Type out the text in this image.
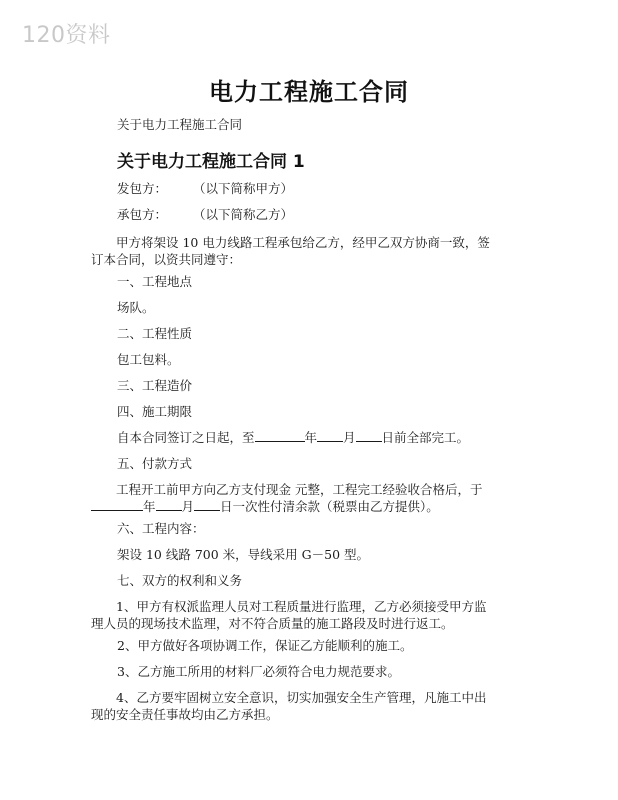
120资料
电力工程施工合同
关于电力工程施工合同
关于电力工程施工合同 1
发包方： （以下简称甲方）
承包方： （以下简称乙方）
甲方将架设 10 电力线路工程承包给乙方，经甲乙双方协商一致，签订本合同，以资共同遵守：
一、工程地点
场队。
二、工程性质
包工包料。
三、工程造价
四、施工期限
自本合同签订之日起，至	年 月 日前全部完工。
五、付款方式
工程开工前甲方向乙方支付现金 元整，工程完工经验收合格后，于年 月 日一次性付清余款（税票由乙方提供）。
六、工程内容：
架设 10 线路 700 米，导线采用 G－50 型。
七、双方的权利和义务
1、甲方有权派监理人员对工程质量进行监理，乙方必须接受甲方监理人员的现场技术监理，对不符合质量的施工路段及时进行返工。
2、甲方做好各项协调工作，保证乙方能顺利的施工。
3、乙方施工所用的材料厂必须符合电力规范要求。
4、乙方要牢固树立安全意识，切实加强安全生产管理，凡施工中出现的安全责任事故均由乙方承担。
